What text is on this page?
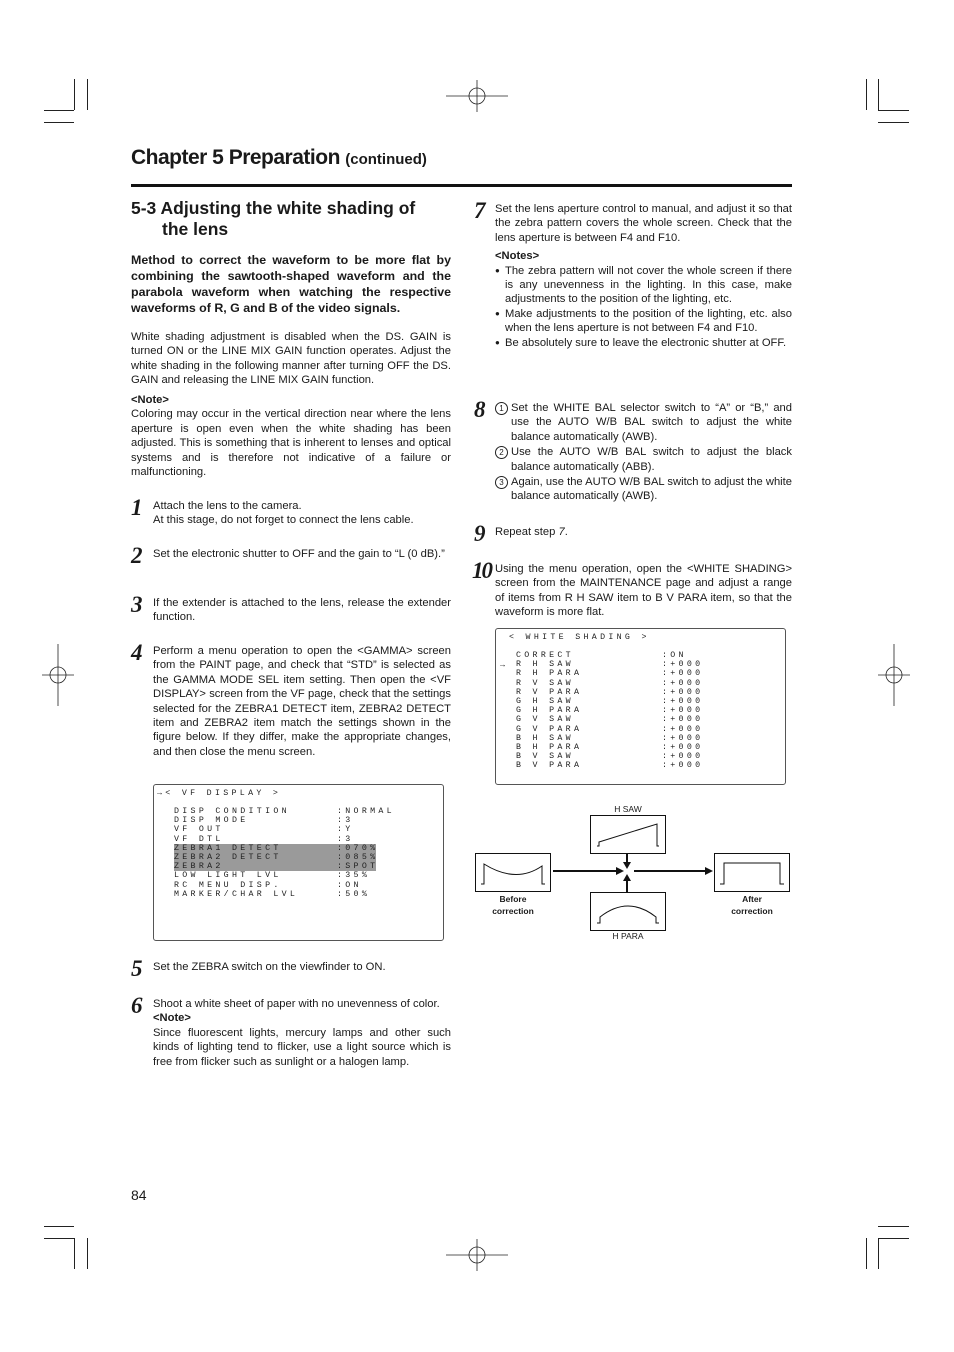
Chapter 5 Preparation (continued)
5-3 Adjusting the white shading of
the lens
Method to correct the waveform to be more flat by combining the sawtooth-shaped waveform and the parabola waveform when watching the respective waveforms of R, G and B of the video signals.
White shading adjustment is disabled when the DS. GAIN is turned ON or the LINE MIX GAIN function operates. Adjust the white shading in the following manner after turning OFF the DS. GAIN and releasing the LINE MIX GAIN function.
<Note>
Coloring may occur in the vertical direction near where the lens aperture is open even when the white shading has been adjusted. This is something that is inherent to lenses and optical systems and is therefore not indicative of a failure or malfunctioning.
1 Attach the lens to the camera.
At this stage, do not forget to connect the lens cable.
2 Set the electronic shutter to OFF and the gain to “L (0 dB).”
3 If the extender is attached to the lens, release the extender function.
4 Perform a menu operation to open the <GAMMA> screen from the PAINT page, and check that “STD” is selected as the GAMMA MODE SEL item setting. Then open the <VF DISPLAY> screen from the VF page, check that the settings selected for the ZEBRA1 DETECT item, ZEBRA2 DETECT item and ZEBRA2 item match the settings shown in the figure below. If they differ, make the appropriate changes, and then close the menu screen.
→< VF DISPLAY >
DISP CONDITION	:NORMAL
DISP MODE	:3
VF OUT	:Y
VF DTL	:3
ZEBRA1 DETECT	:070%
ZEBRA2 DETECT	:085%
ZEBRA2	:SPOT
LOW LIGHT LVL	:35%
RC MENU DISP.	:ON
MARKER/CHAR LVL	:50%
5 Set the ZEBRA switch on the viewfinder to ON.
6 Shoot a white sheet of paper with no unevenness of color.
<Note>
Since fluorescent lights, mercury lamps and other such kinds of lighting tend to flicker, use a light source which is free from flicker such as sunlight or a halogen lamp.
7 Set the lens aperture control to manual, and adjust it so that the zebra pattern covers the whole screen. Check that the lens aperture is between F4 and F10.
<Notes>
● The zebra pattern will not cover the whole screen if there is any unevenness in the lighting. In this case, make adjustments to the position of the lighting, etc.
● Make adjustments to the position of the lighting, etc. also when the lens aperture is not between F4 and F10.
● Be absolutely sure to leave the electronic shutter at OFF.
8	1 Set the WHITE BAL selector switch to “A” or “B,” and use the AUTO W/B BAL switch to adjust the white balance automatically (AWB).
2 Use the AUTO W/B BAL switch to adjust the black balance automatically (ABB).
3 Again, use the AUTO W/B BAL switch to adjust the white balance automatically (AWB).
9 Repeat step 7.
10 Using the menu operation, open the <WHITE SHADING> screen from the MAINTENANCE page and adjust a range of items from R H SAW item to B V PARA item, so that the waveform is more flat.
< WHITE SHADING >
→
CORRECT	:ON
R H SAW	:+000
R H PARA	:+000
R V SAW	:+000
R V PARA	:+000
G H SAW	:+000
G H PARA	:+000
G V SAW	:+000
G V PARA	:+000
B H SAW	:+000
B H PARA	:+000
B V SAW	:+000
B V PARA	:+000
H SAW
H PARA
Before
correction
After
correction
84
